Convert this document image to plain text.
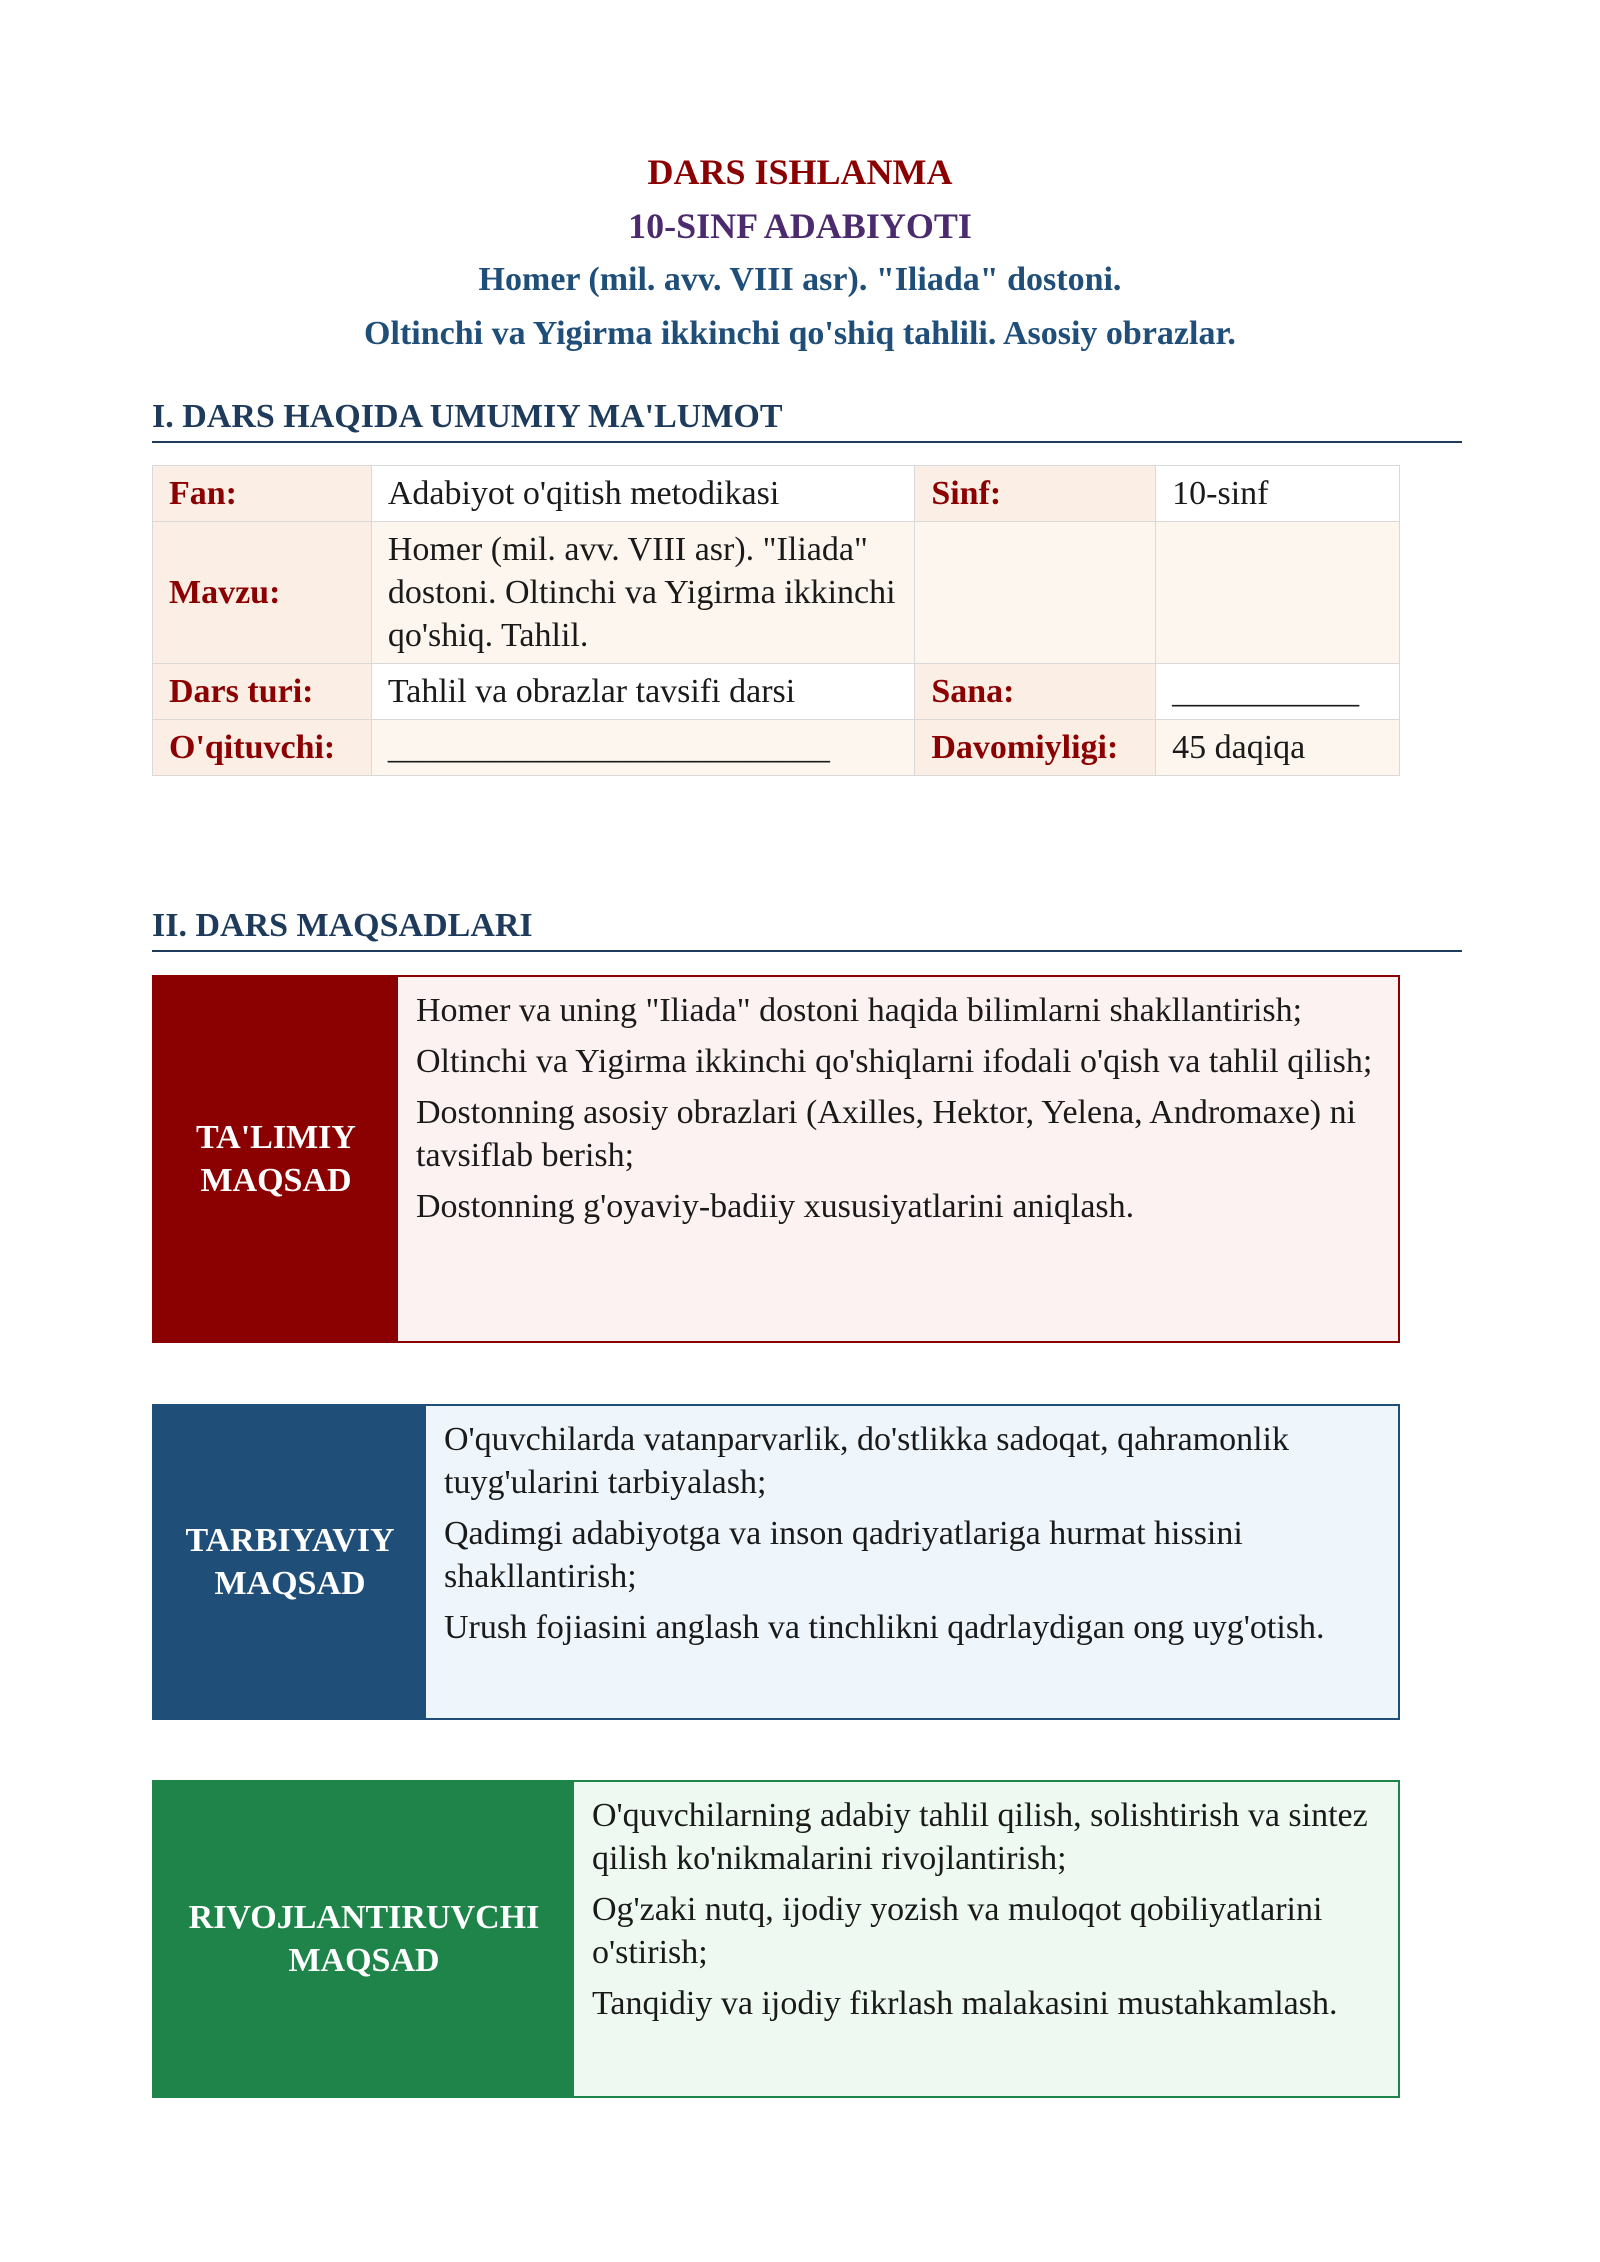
DARS ISHLANMA
10-SINF ADABIYOTI
Homer (mil. avv. VIII asr). "Iliada" dostoni.
Oltinchi va Yigirma ikkinchi qo'shiq tahlili. Asosiy obrazlar.
I. DARS HAQIDA UMUMIY MA'LUMOT
Fan:	Adabiyot o'qitish metodikasi	Sinf:	10-sinf
Mavzu:	Homer (mil. avv. VIII asr). "Iliada" dostoni. Oltinchi va Yigirma ikkinchi qo'shiq. Tahlil.		
Dars turi:	Tahlil va obrazlar tavsifi darsi	Sana:	___________
O'qituvchi:	__________________________	Davomiyligi:	45 daqiqa
II. DARS MAQSADLARI
TA'LIMIY MAQSAD
Homer va uning "Iliada" dostoni haqida bilimlarni shakllantirish;
Oltinchi va Yigirma ikkinchi qo'shiqlarni ifodali o'qish va tahlil qilish;
Dostonning asosiy obrazlari (Axilles, Hektor, Yelena, Andromaxe) ni tavsiflab berish;
Dostonning g'oyaviy-badiiy xususiyatlarini aniqlash.
TARBIYAVIY MAQSAD
O'quvchilarda vatanparvarlik, do'stlikka sadoqat, qahramonlik tuyg'ularini tarbiyalash;
Qadimgi adabiyotga va inson qadriyatlariga hurmat hissini shakllantirish;
Urush fojiasini anglash va tinchlikni qadrlaydigan ong uyg'otish.
RIVOJLANTIRUVCHI MAQSAD
O'quvchilarning adabiy tahlil qilish, solishtirish va sintez qilish ko'nikmalarini rivojlantirish;
Og'zaki nutq, ijodiy yozish va muloqot qobiliyatlarini o'stirish;
Tanqidiy va ijodiy fikrlash malakasini mustahkamlash.
